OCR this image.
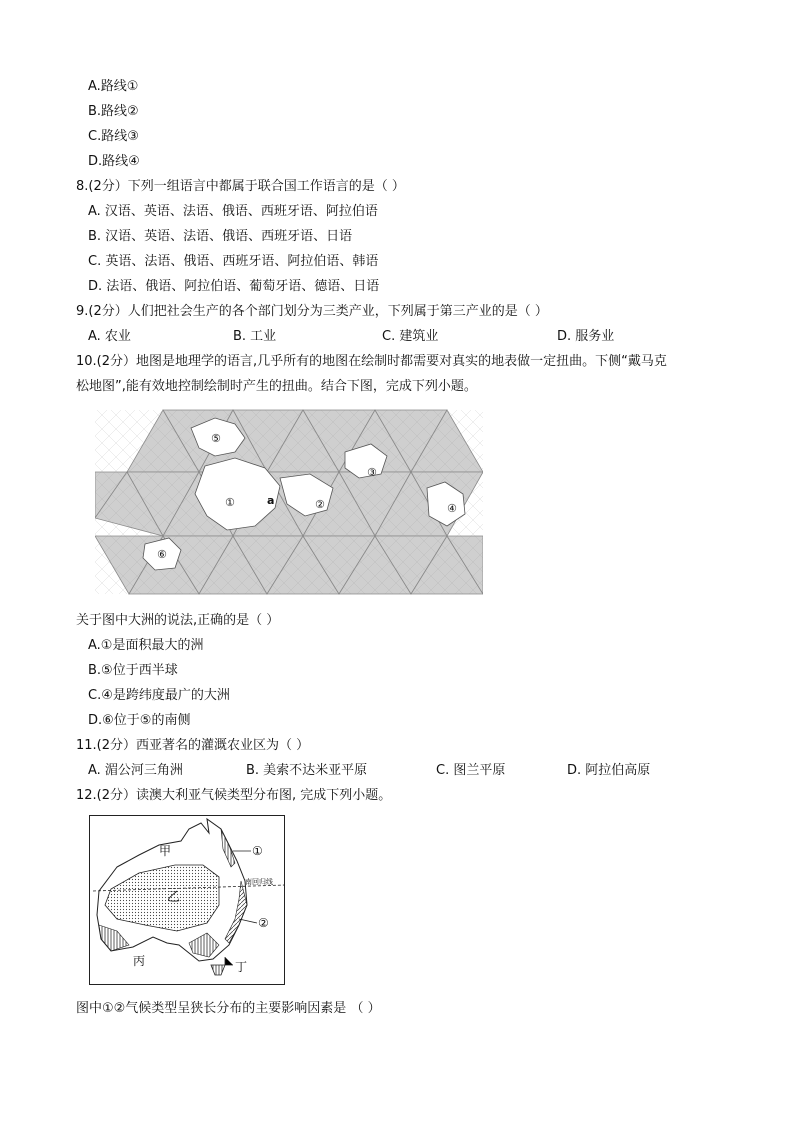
A.路线①
B.路线②
C.路线③
D.路线④
8.(2分）下列一组语言中都属于联合国工作语言的是（ ）
A. 汉语、英语、法语、俄语、西班牙语、阿拉伯语
B. 汉语、英语、法语、俄语、西班牙语、日语
C. 英语、法语、俄语、西班牙语、阿拉伯语、韩语
D. 法语、俄语、阿拉伯语、葡萄牙语、德语、日语
9.(2分）人们把社会生产的各个部门划分为三类产业，下列属于第三产业的是（ ）
A. 农业	B. 工业	C. 建筑业	D. 服务业
10.(2分）地图是地理学的语言,几乎所有的地图在绘制时都需要对真实的地表做一定扭曲。下侧“戴马克
松地图”,能有效地控制绘制时产生的扭曲。结合下图，完成下列小题。
⑤
①	a	②
③
④
⑥
关于图中大洲的说法,正确的是（ ）
A.①是面积最大的洲
B.⑤位于西半球
C.④是跨纬度最广的大洲
D.⑥位于⑤的南侧
11.(2分）西亚著名的灌溉农业区为（ ）
A. 湄公河三角洲	B. 美索不达米亚平原	C. 图兰平原	D. 阿拉伯高原
12.(2分）读澳大利亚气候类型分布图, 完成下列小题。
甲
乙
丙	丁
①
②
南回归线
图中①②气候类型呈狭长分布的主要影响因素是 （ ）
